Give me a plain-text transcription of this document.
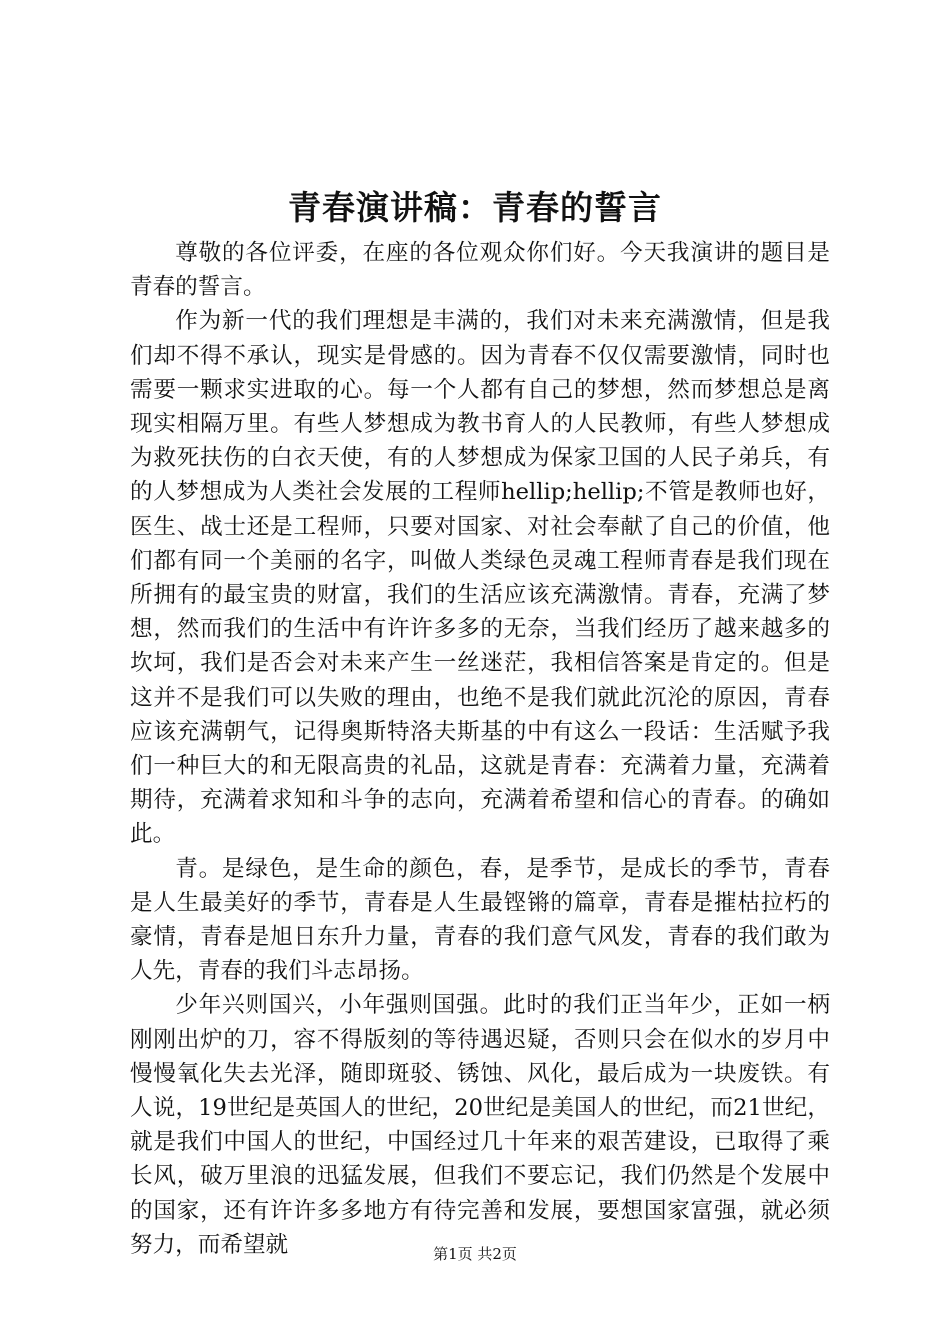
青春演讲稿：青春的誓言

尊敬的各位评委，在座的各位观众你们好。今天我演讲的题目是青春的誓言。

作为新一代的我们理想是丰满的，我们对未来充满激情，但是我们却不得不承认，现实是骨感的。因为青春不仅仅需要激情，同时也需要一颗求实进取的心。每一个人都有自己的梦想，然而梦想总是离现实相隔万里。有些人梦想成为教书育人的人民教师，有些人梦想成为救死扶伤的白衣天使，有的人梦想成为保家卫国的人民子弟兵，有的人梦想成为人类社会发展的工程师hellip;hellip;不管是教师也好，医生、战士还是工程师，只要对国家、对社会奉献了自己的价值，他们都有同一个美丽的名字，叫做人类绿色灵魂工程师青春是我们现在所拥有的最宝贵的财富，我们的生活应该充满激情。青春，充满了梦想，然而我们的生活中有许许多多的无奈，当我们经历了越来越多的坎坷，我们是否会对未来产生一丝迷茫，我相信答案是肯定的。但是这并不是我们可以失败的理由，也绝不是我们就此沉沦的原因，青春应该充满朝气，记得奥斯特洛夫斯基的中有这么一段话：生活赋予我们一种巨大的和无限高贵的礼品，这就是青春：充满着力量，充满着期待，充满着求知和斗争的志向，充满着希望和信心的青春。的确如此。

青。是绿色，是生命的颜色，春，是季节，是成长的季节，青春是人生最美好的季节，青春是人生最铿锵的篇章，青春是摧枯拉朽的豪情，青春是旭日东升力量，青春的我们意气风发，青春的我们敢为人先，青春的我们斗志昂扬。

少年兴则国兴，小年强则国强。此时的我们正当年少，正如一柄刚刚出炉的刀，容不得版刻的等待遇迟疑，否则只会在似水的岁月中慢慢氧化失去光泽，随即斑驳、锈蚀、风化，最后成为一块废铁。有人说，19世纪是英国人的世纪，20世纪是美国人的世纪，而21世纪，就是我们中国人的世纪，中国经过几十年来的艰苦建设，已取得了乘长风，破万里浪的迅猛发展，但我们不要忘记，我们仍然是个发展中的国家，还有许许多多地方有待完善和发展，要想国家富强，就必须努力，而希望就	第1页 共2页
